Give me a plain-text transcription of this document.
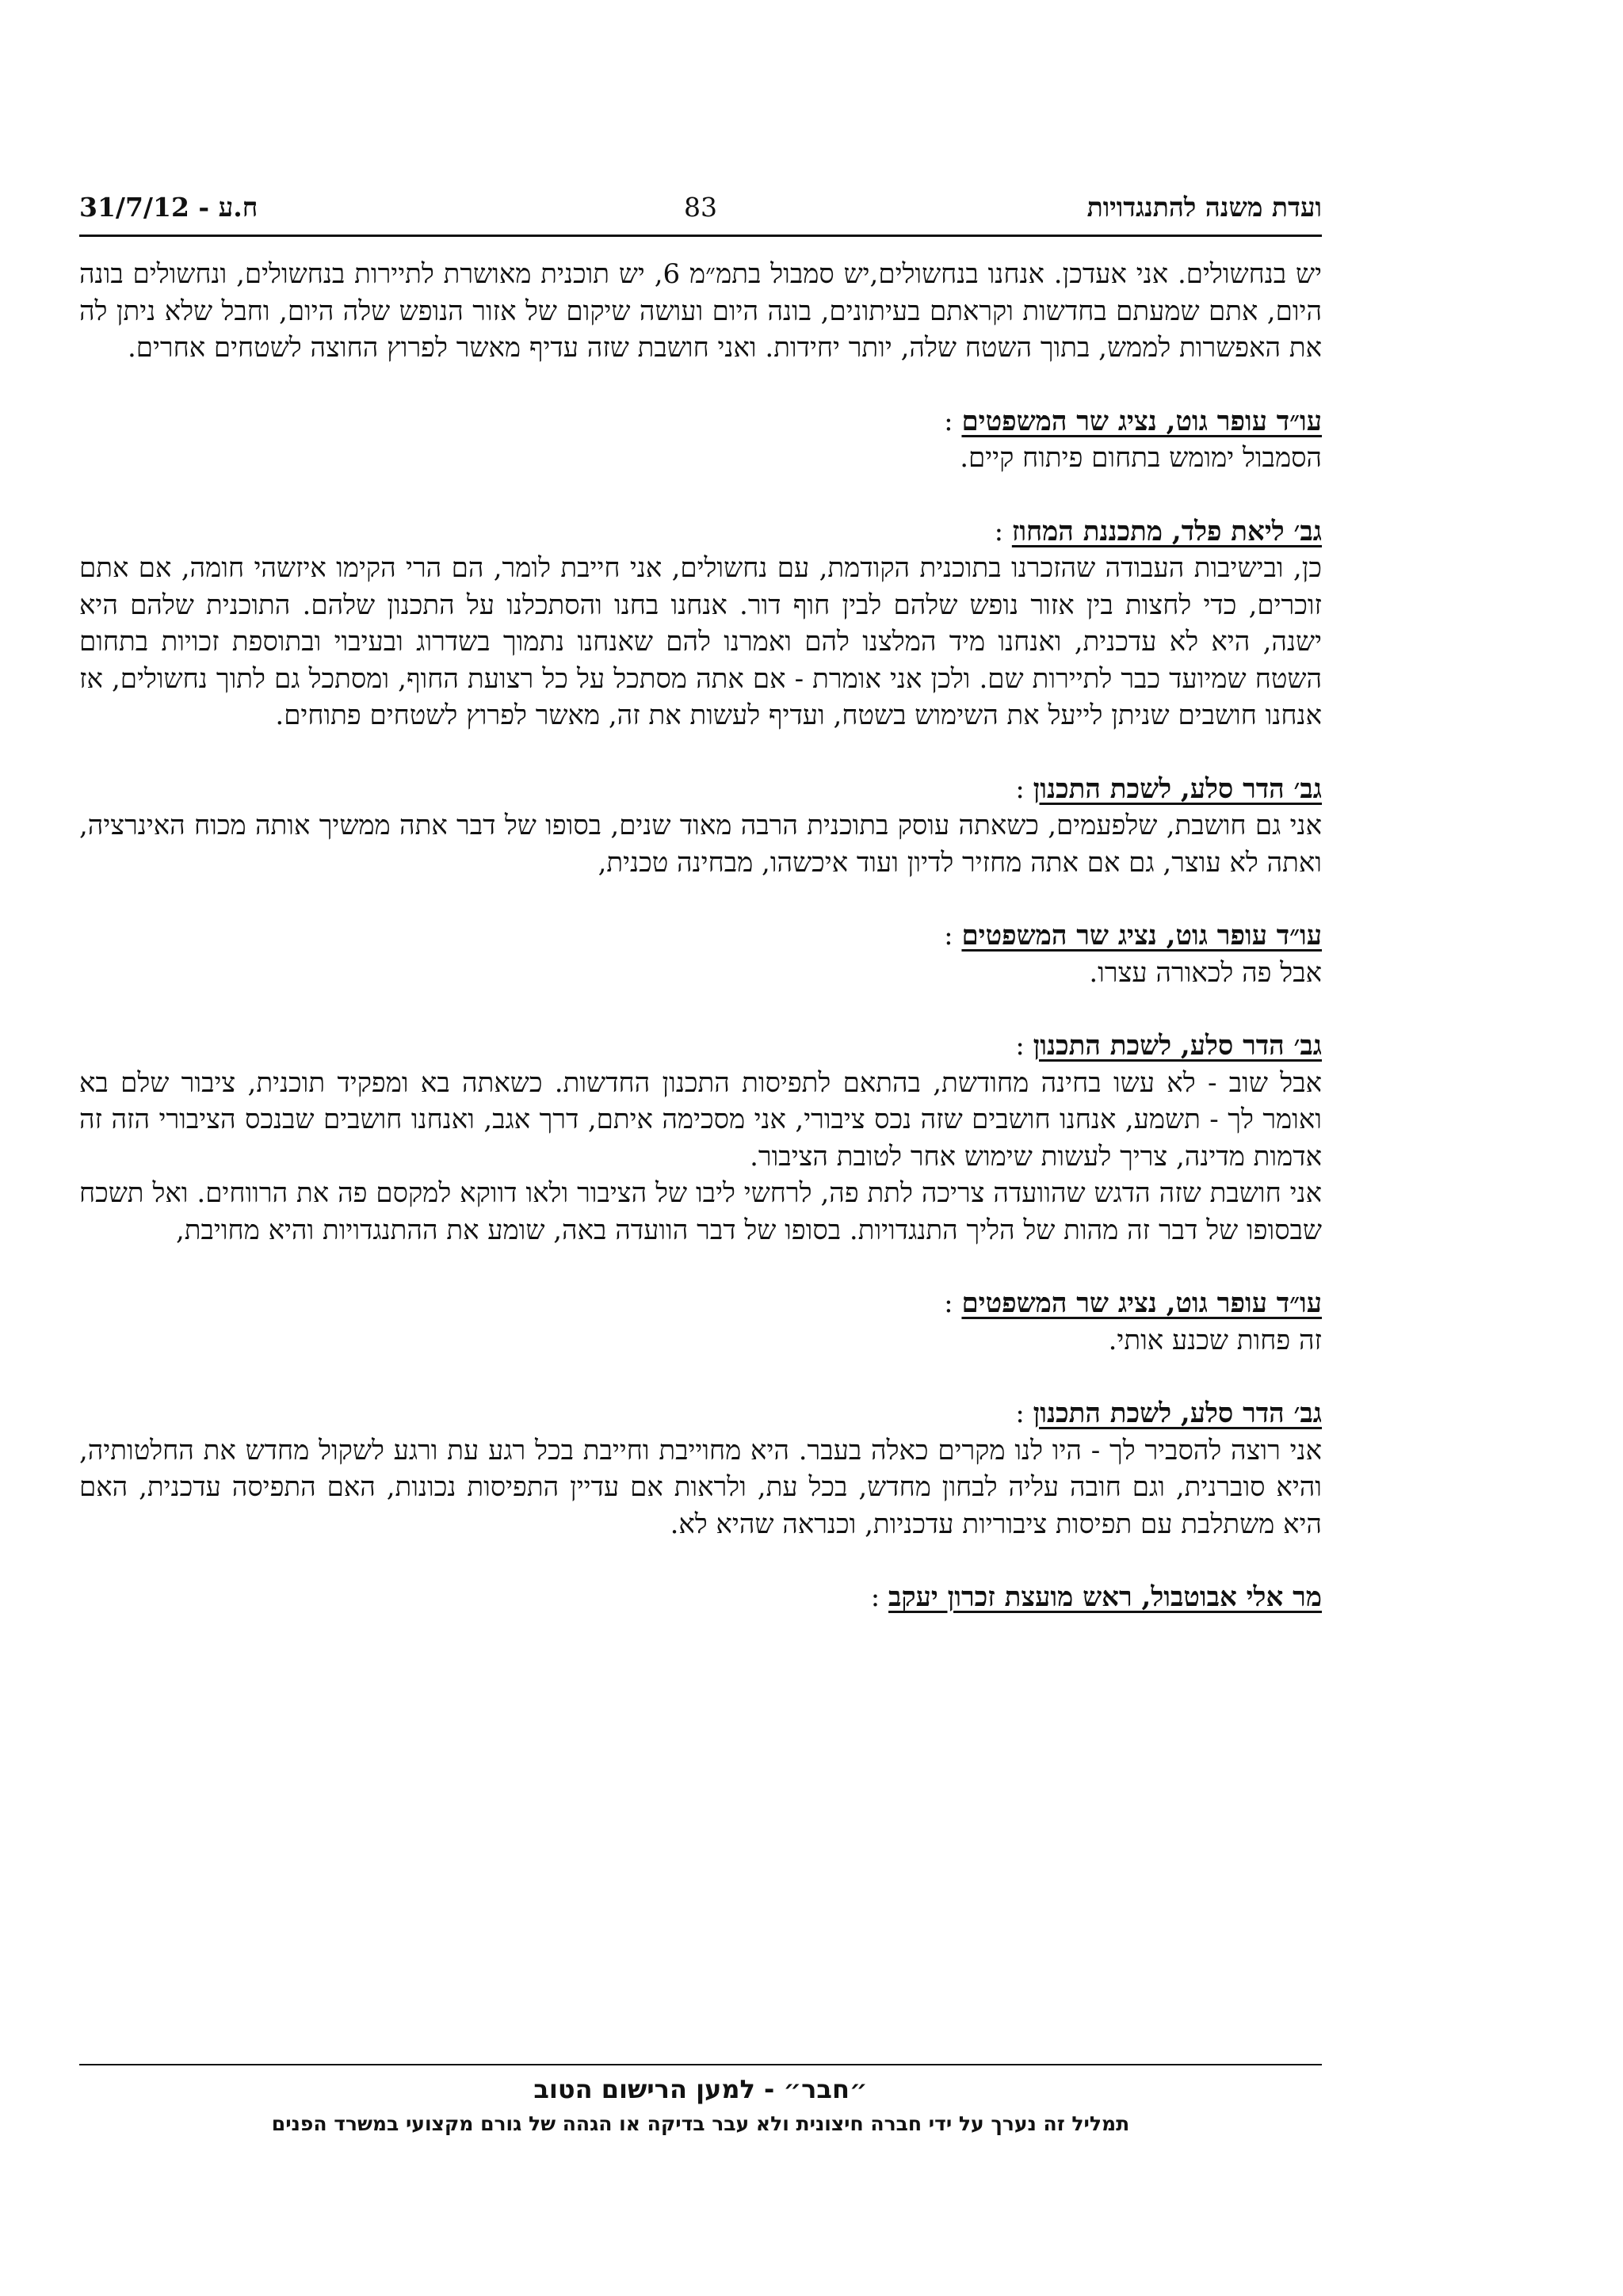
ועדת משנה להתנגדויות
83
31/7/12 - ח.ע

יש בנחשולים. אני אעדכן. אנחנו בנחשולים,יש סמבול בתמ״מ 6, יש תוכנית מאושרת לתיירות בנחשולים, ונחשולים בונה היום, אתם שמעתם בחדשות וקראתם בעיתונים, בונה היום ועושה שיקום של אזור הנופש שלה היום, וחבל שלא ניתן לה את האפשרות לממש, בתוך השטח שלה, יותר יחידות. ואני חושבת שזה עדיף מאשר לפרוץ החוצה לשטחים אחרים.

עו״ד עופר גוט, נציג שר המשפטים :

הסמבול ימומש בתחום פיתוח קיים.

גב׳ ליאת פלד, מתכננת המחוז :

כן, ובישיבות העבודה שהזכרנו בתוכנית הקודמת, עם נחשולים, אני חייבת לומר, הם הרי הקימו איזשהי חומה, אם אתם זוכרים, כדי לחצות בין אזור נופש שלהם לבין חוף דור. אנחנו בחנו והסתכלנו על התכנון שלהם. התוכנית שלהם היא ישנה, היא לא עדכנית, ואנחנו מיד המלצנו להם ואמרנו להם שאנחנו נתמוך בשדרוג ובעיבוי ובתוספת זכויות בתחום השטח שמיועד כבר לתיירות שם. ולכן אני אומרת - אם אתה מסתכל על כל רצועת החוף, ומסתכל גם לתוך נחשולים, אז אנחנו חושבים שניתן לייעל את השימוש בשטח, ועדיף לעשות את זה, מאשר לפרוץ לשטחים פתוחים.

גב׳ הדר סלע, לשכת התכנון :

אני גם חושבת, שלפעמים, כשאתה עוסק בתוכנית הרבה מאוד שנים, בסופו של דבר אתה ממשיך אותה מכוח האינרציה, ואתה לא עוצר, גם אם אתה מחזיר לדיון ועוד איכשהו, מבחינה טכנית,

עו״ד עופר גוט, נציג שר המשפטים :

אבל פה לכאורה עצרו.

גב׳ הדר סלע, לשכת התכנון :

אבל שוב - לא עשו בחינה מחודשת, בהתאם לתפיסות התכנון החדשות. כשאתה בא ומפקיד תוכנית, ציבור שלם בא ואומר לך - תשמע, אנחנו חושבים שזה נכס ציבורי, אני מסכימה איתם, דרך אגב, ואנחנו חושבים שבנכס הציבורי הזה זה אדמות מדינה, צריך לעשות שימוש אחר לטובת הציבור.

אני חושבת שזה הדגש שהוועדה צריכה לתת פה, לרחשי ליבו של הציבור ולאו דווקא למקסם פה את הרווחים. ואל תשכח שבסופו של דבר זה מהות של הליך התנגדויות. בסופו של דבר הוועדה באה, שומע את ההתנגדויות והיא מחויבת,

עו״ד עופר גוט, נציג שר המשפטים :

זה פחות שכנע אותי.

גב׳ הדר סלע, לשכת התכנון :

אני רוצה להסביר לך - היו לנו מקרים כאלה בעבר. היא מחוייבת וחייבת בכל רגע עת ורגע לשקול מחדש את החלטותיה, והיא סוברנית, וגם חובה עליה לבחון מחדש, בכל עת, ולראות אם עדיין התפיסות נכונות, האם התפיסה עדכנית, האם היא משתלבת עם תפיסות ציבוריות עדכניות, וכנראה שהיא לא.

מר אלי אבוטבול, ראש מועצת זכרון יעקב :

״חבר״ - למען הרישום הטוב
תמליל זה נערך על ידי חברה חיצונית ולא עבר בדיקה או הגהה של גורם מקצועי במשרד הפנים
